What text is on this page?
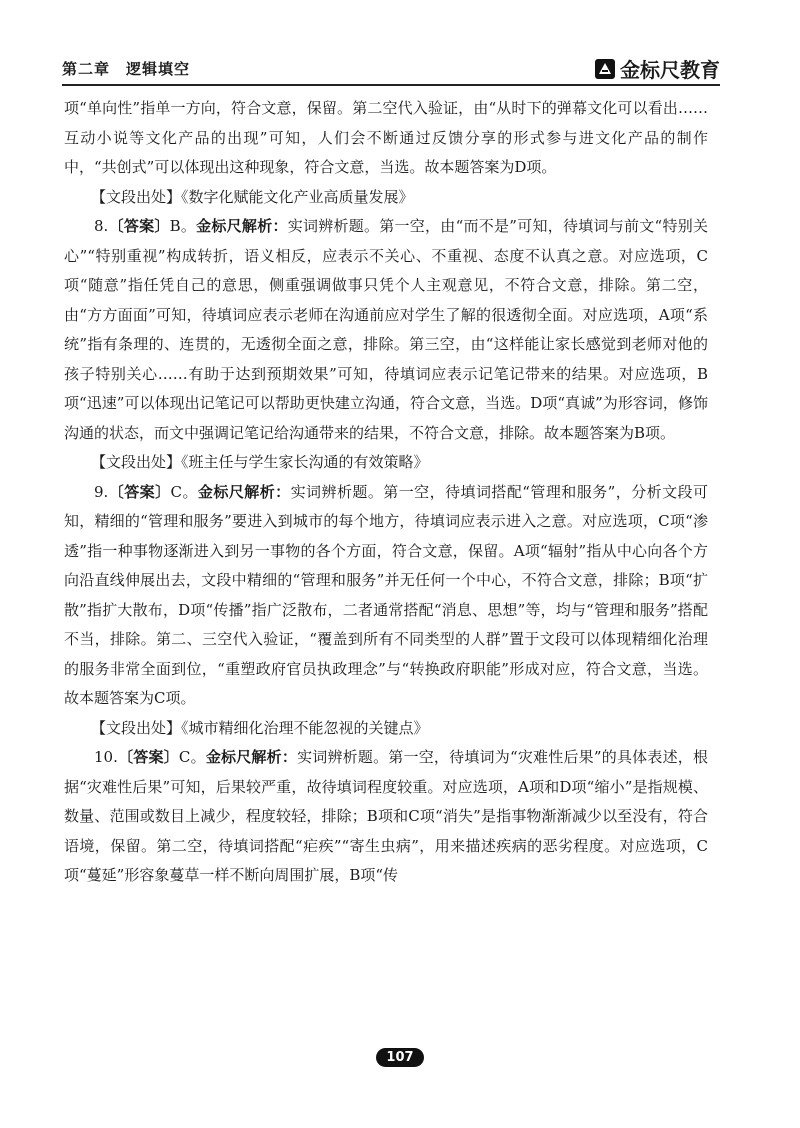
第二章　逻辑填空	金标尺教育

项“单向性”指单一方向，符合文意，保留。第二空代入验证，由“从时下的弹幕文化可以看出……互动小说等文化产品的出现”可知，人们会不断通过反馈分享的形式参与进文化产品的制作中，“共创式”可以体现出这种现象，符合文意，当选。故本题答案为D项。

【文段出处】《数字化赋能文化产业高质量发展》

8.〔答案〕B。金标尺解析：实词辨析题。第一空，由“而不是”可知，待填词与前文“特别关心”“特别重视”构成转折，语义相反，应表示不关心、不重视、态度不认真之意。对应选项，C项“随意”指任凭自己的意思，侧重强调做事只凭个人主观意见，不符合文意，排除。第二空，由“方方面面”可知，待填词应表示老师在沟通前应对学生了解的很透彻全面。对应选项，A项“系统”指有条理的、连贯的，无透彻全面之意，排除。第三空，由“这样能让家长感觉到老师对他的孩子特别关心……有助于达到预期效果”可知，待填词应表示记笔记带来的结果。对应选项，B项“迅速”可以体现出记笔记可以帮助更快建立沟通，符合文意，当选。D项“真诚”为形容词，修饰沟通的状态，而文中强调记笔记给沟通带来的结果，不符合文意，排除。故本题答案为B项。

【文段出处】《班主任与学生家长沟通的有效策略》

9.〔答案〕C。金标尺解析：实词辨析题。第一空，待填词搭配“管理和服务”，分析文段可知，精细的“管理和服务”要进入到城市的每个地方，待填词应表示进入之意。对应选项，C项“渗透”指一种事物逐渐进入到另一事物的各个方面，符合文意，保留。A项“辐射”指从中心向各个方向沿直线伸展出去，文段中精细的“管理和服务”并无任何一个中心，不符合文意，排除；B项“扩散”指扩大散布，D项“传播”指广泛散布，二者通常搭配“消息、思想”等，均与“管理和服务”搭配不当，排除。第二、三空代入验证，“覆盖到所有不同类型的人群”置于文段可以体现精细化治理的服务非常全面到位，“重塑政府官员执政理念”与“转换政府职能”形成对应，符合文意，当选。故本题答案为C项。

【文段出处】《城市精细化治理不能忽视的关键点》

10.〔答案〕C。金标尺解析：实词辨析题。第一空，待填词为“灾难性后果”的具体表述，根据“灾难性后果”可知，后果较严重，故待填词程度较重。对应选项，A项和D项“缩小”是指规模、数量、范围或数目上减少，程度较轻，排除；B项和C项“消失”是指事物渐渐减少以至没有，符合语境，保留。第二空，待填词搭配“疟疾”“寄生虫病”，用来描述疾病的恶劣程度。对应选项，C项“蔓延”形容象蔓草一样不断向周围扩展，B项“传

107
